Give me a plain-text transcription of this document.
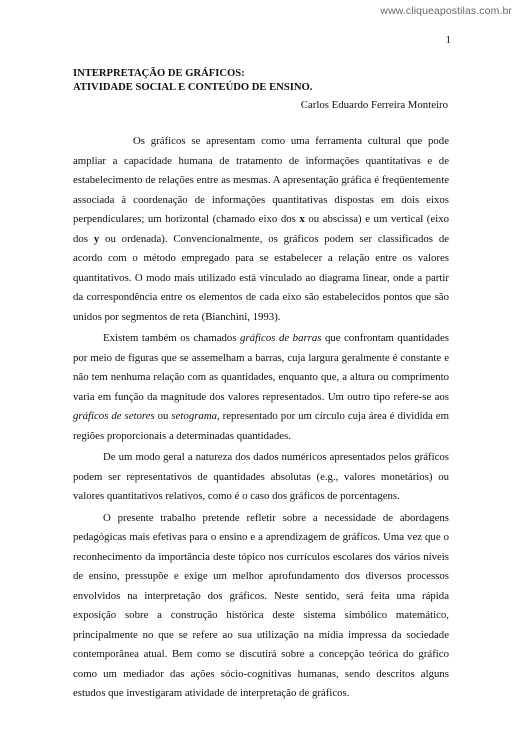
www.cliqueapostilas.com.br
1
INTERPRETAÇÃO DE GRÁFICOS:
ATIVIDADE SOCIAL E CONTEÚDO DE ENSINO.
Carlos Eduardo Ferreira Monteiro

Os gráficos se apresentam como uma ferramenta cultural que pode ampliar a capacidade humana de tratamento de informações quantitativas e de estabelecimento de relações entre as mesmas. A apresentação gráfica é freqüentemente associada à coordenação de informações quantitativas dispostas em dois eixos perpendiculares; um horizontal (chamado eixo dos x ou abscissa) e um vertical (eixo dos y ou ordenada). Convencionalmente, os gráficos podem ser classificados de acordo com o método empregado para se estabelecer a relação entre os valores quantitativos. O modo mais utilizado está vinculado ao diagrama linear, onde a partir da correspondência entre os elementos de cada eixo são estabelecidos pontos que são unidos por segmentos de reta (Bianchini, 1993).

Existem também os chamados gráficos de barras que confrontam quantidades por meio de figuras que se assemelham a barras, cuja largura geralmente é constante e não tem nenhuma relação com as quantidades, enquanto que, a altura ou comprimento varia em função da magnitude dos valores representados. Um outro tipo refere-se aos gráficos de setores ou setograma, representado por um círculo cuja área é dividida em regiões proporcionais a determinadas quantidades.

De um modo geral a natureza dos dados numéricos apresentados pelos gráficos podem ser representativos de quantidades absolutas (e.g., valores monetários) ou valores quantitativos relativos, como é o caso dos gráficos de porcentagens.

O presente trabalho pretende refletir sobre a necessidade de abordagens pedagógicas mais efetivas para o ensino e a aprendizagem de gráficos. Uma vez que o reconhecimento da importância deste tópico nos currículos escolares dos vários níveis de ensino, pressupõe e exige um melhor aprofundamento dos diversos processos envolvidos na interpretação dos gráficos. Neste sentido, será feita uma rápida exposição sobre a construção histórica deste sistema simbólico matemático, principalmente no que se refere ao sua utilização na mídia impressa da sociedade contemporânea atual. Bem como se discutirá sobre a concepção teórica do gráfico como um mediador das ações sócio-cognitivas humanas, sendo descritos alguns estudos que investigaram atividade de interpretação de gráficos.
